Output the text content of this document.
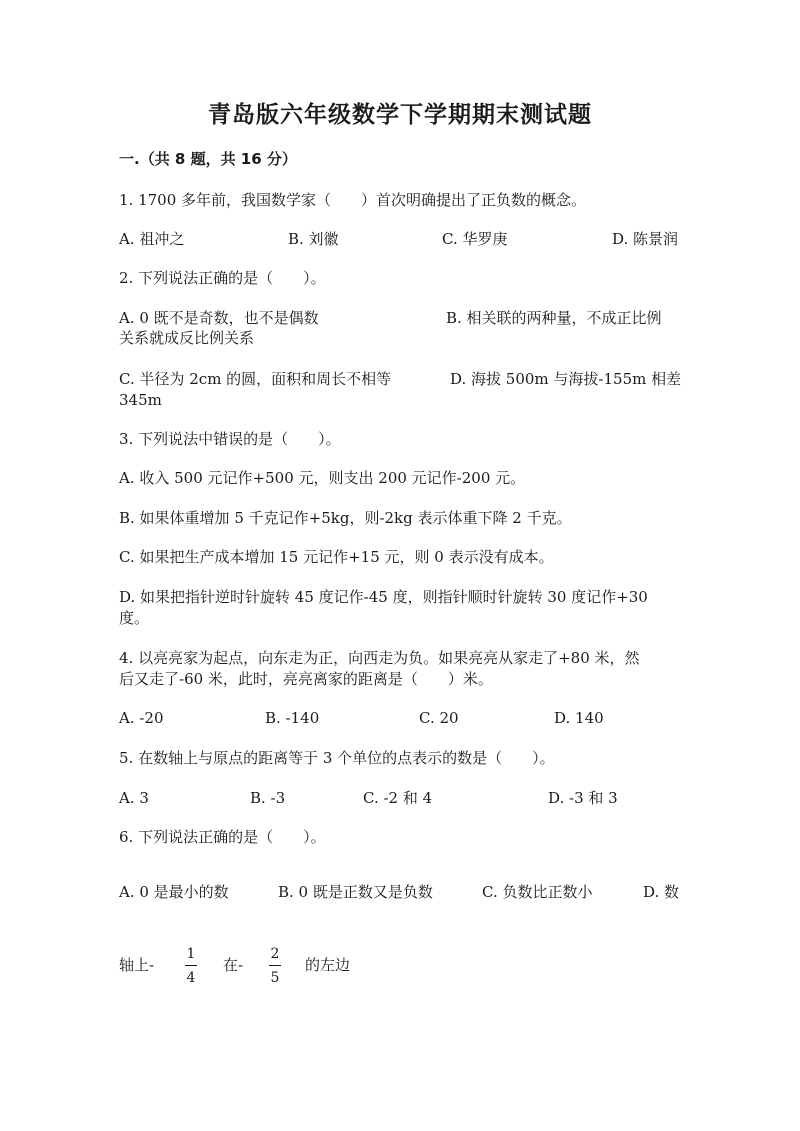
青岛版六年级数学下学期期末测试题
一.（共 8 题，共 16 分）
1. 1700 多年前，我国数学家（　　）首次明确提出了正负数的概念。
A. 祖冲之	B. 刘徽	C. 华罗庚	D. 陈景润
2. 下列说法正确的是（　　）。
A. 0 既不是奇数，也不是偶数	B. 相关联的两种量，不成正比例
关系就成反比例关系
C. 半径为 2cm 的圆，面积和周长不相等	D. 海拔 500m 与海拔-155m 相差
345m
3. 下列说法中错误的是（　　）。
A. 收入 500 元记作+500 元，则支出 200 元记作-200 元。
B. 如果体重增加 5 千克记作+5kg，则-2kg 表示体重下降 2 千克。
C. 如果把生产成本增加 15 元记作+15 元，则 0 表示没有成本。
D. 如果把指针逆时针旋转 45 度记作-45 度，则指针顺时针旋转 30 度记作+30
度。
4. 以亮亮家为起点，向东走为正，向西走为负。如果亮亮从家走了+80 米，然
后又走了-60 米，此时，亮亮离家的距离是（　　）米。
A. -20	B. -140	C. 20	D. 140
5. 在数轴上与原点的距离等于 3 个单位的点表示的数是（　　）。
A. 3	B. -3	C. -2 和 4	D. -3 和 3
6. 下列说法正确的是（　　）。
A. 0 是最小的数	B. 0 既是正数又是负数	C. 负数比正数小	D. 数
轴上-
1
4
在-
2
5
的左边
